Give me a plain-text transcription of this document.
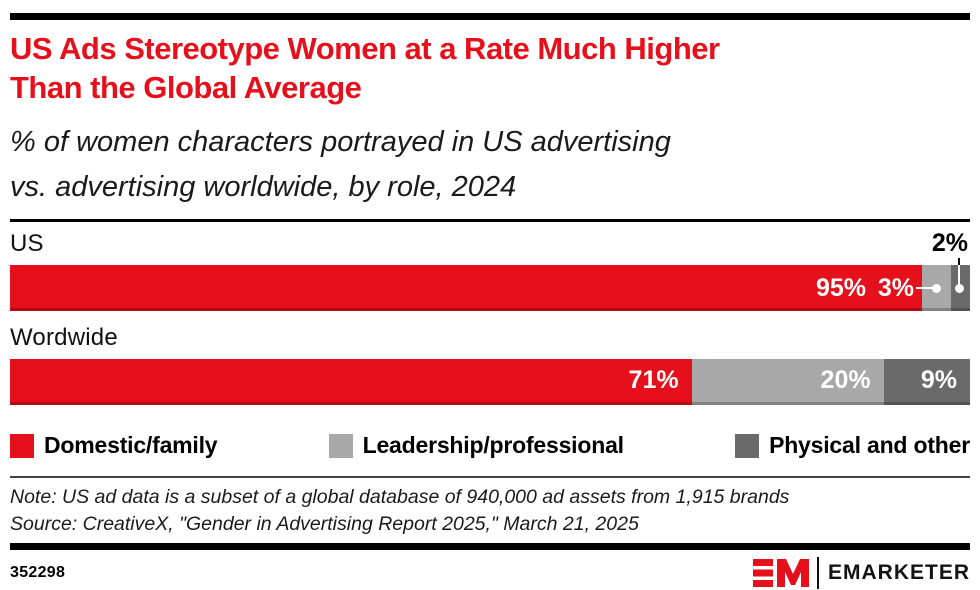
US Ads Stereotype Women at a Rate Much Higher
Than the Global Average
% of women characters portrayed in US advertising
vs. advertising worldwide, by role, 2024
US	2%
95% 3%
Wordwide
71%	20%	9%
Domestic/family	Leadership/professional	Physical and other
Note: US ad data is a subset of a global database of 940,000 ad assets from 1,915 brands
Source: CreativeX, "Gender in Advertising Report 2025," March 21, 2025
352298	EMARKETER
